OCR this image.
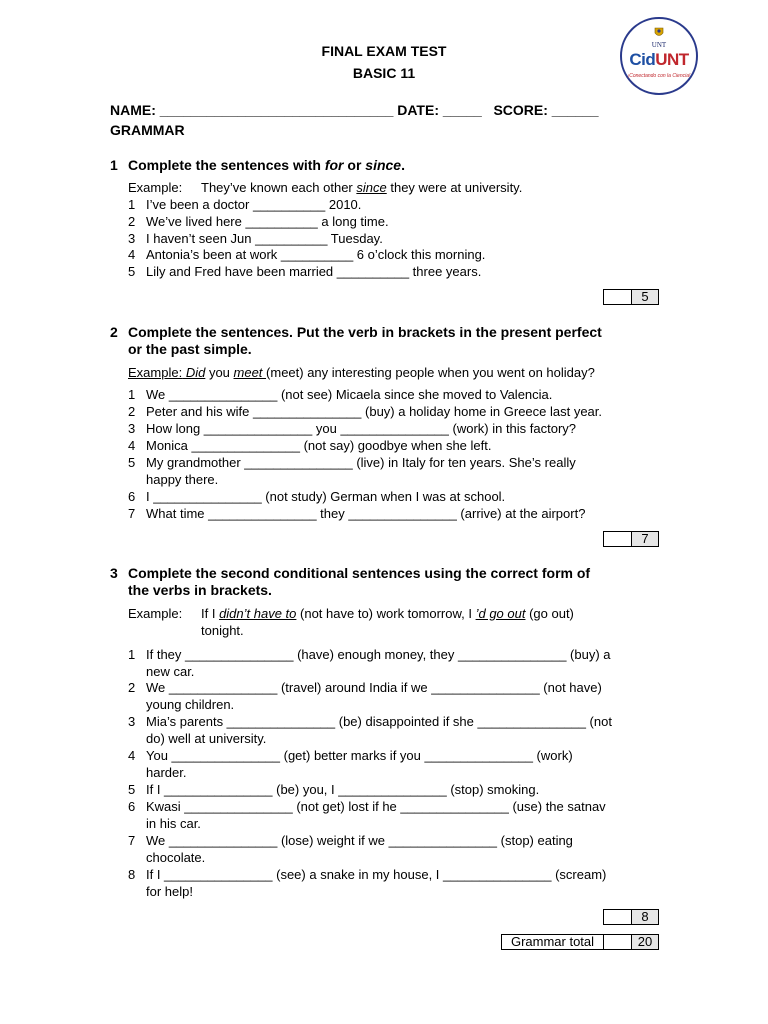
FINAL EXAM TEST
BASIC 11
UNT
CidUNT
¡Conectando con la Ciencia!
NAME: ______________________________ DATE: _____   SCORE: ______
GRAMMAR
1 Complete the sentences with for or since.
Example: They’ve known each other since they were at university.
1 I’ve been a doctor __________ 2010.
2 We’ve lived here __________ a long time.
3 I haven’t seen Jun __________ Tuesday.
4 Antonia’s been at work __________ 6 o’clock this morning.
5 Lily and Fred have been married __________ three years.
5
2 Complete the sentences. Put the verb in brackets in the present perfect
or the past simple.
Example: Did you meet (meet) any interesting people when you went on holiday?
1 We _______________ (not see) Micaela since she moved to Valencia.
2 Peter and his wife _______________ (buy) a holiday home in Greece last year.
3 How long _______________ you _______________ (work) in this factory?
4 Monica _______________ (not say) goodbye when she left.
5 My grandmother _______________ (live) in Italy for ten years. She’s really
happy there.
6 I _______________ (not study) German when I was at school.
7 What time _______________ they _______________ (arrive) at the airport?
7
3 Complete the second conditional sentences using the correct form of
the verbs in brackets.
Example: If I didn’t have to (not have to) work tomorrow, I ’d go out (go out)
tonight.
1 If they _______________ (have) enough money, they _______________ (buy) a
new car.
2 We _______________ (travel) around India if we _______________ (not have)
young children.
3 Mia’s parents _______________ (be) disappointed if she _______________ (not
do) well at university.
4 You _______________ (get) better marks if you _______________ (work)
harder.
5 If I _______________ (be) you, I _______________ (stop) smoking.
6 Kwasi _______________ (not get) lost if he _______________ (use) the satnav
in his car.
7 We _______________ (lose) weight if we _______________ (stop) eating
chocolate.
8 If I _______________ (see) a snake in my house, I _______________ (scream)
for help!
8
Grammar total	20
